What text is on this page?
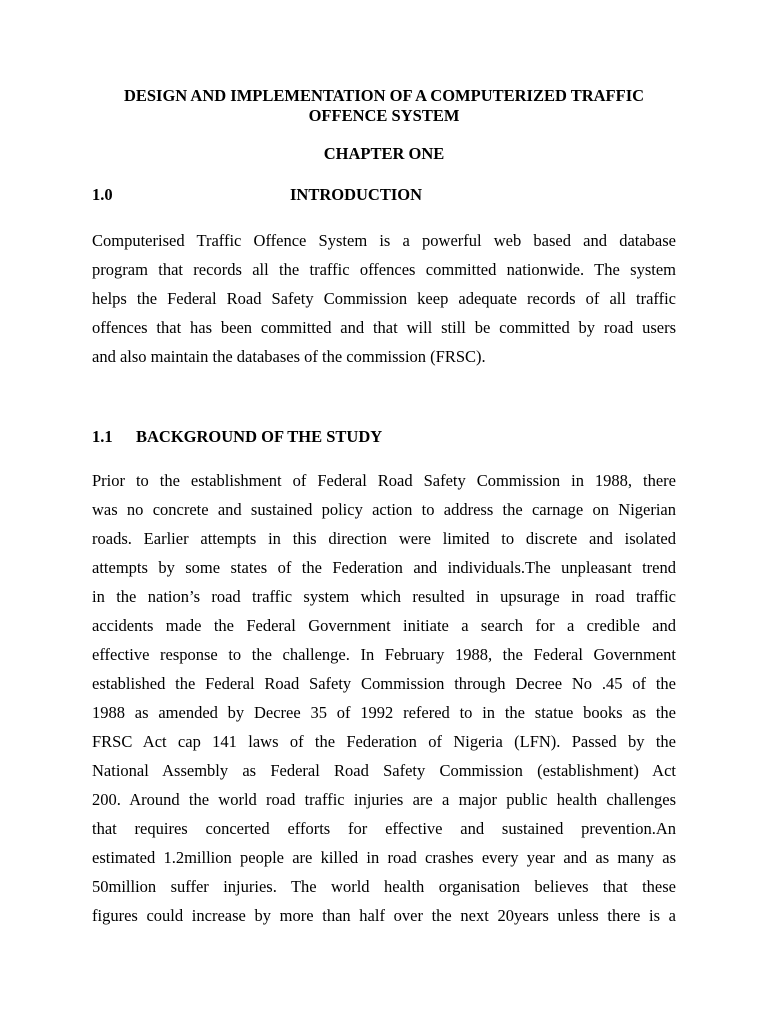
DESIGN AND IMPLEMENTATION OF A COMPUTERIZED TRAFFIC
OFFENCE SYSTEM
CHAPTER ONE
1.0	INTRODUCTION
Computerised Traffic Offence System is a powerful web based and database
program that records all the traffic offences committed nationwide. The system
helps the Federal Road Safety Commission keep adequate records of all traffic
offences that has been committed and that will still be committed by road users
and also maintain the databases of the commission (FRSC).
1.1 BACKGROUND OF THE STUDY
Prior to the establishment of Federal Road Safety Commission in 1988, there
was no concrete and sustained policy action to address the carnage on Nigerian
roads. Earlier attempts in this direction were limited to discrete and isolated
attempts by some states of the Federation and individuals.The unpleasant trend
in the nation’s road traffic system which resulted in upsurage in road traffic
accidents made the Federal Government initiate a search for a credible and
effective response to the challenge. In February 1988, the Federal Government
established the Federal Road Safety Commission through Decree No .45 of the
1988 as amended by Decree 35 of 1992 refered to in the statue books as the
FRSC Act cap 141 laws of the Federation of Nigeria (LFN). Passed by the
National Assembly as Federal Road Safety Commission (establishment) Act
200. Around the world road traffic injuries are a major public health challenges
that requires concerted efforts for effective and sustained prevention.An
estimated 1.2million people are killed in road crashes every year and as many as
50million suffer injuries. The world health organisation believes that these
figures could increase by more than half over the next 20years unless there is a
